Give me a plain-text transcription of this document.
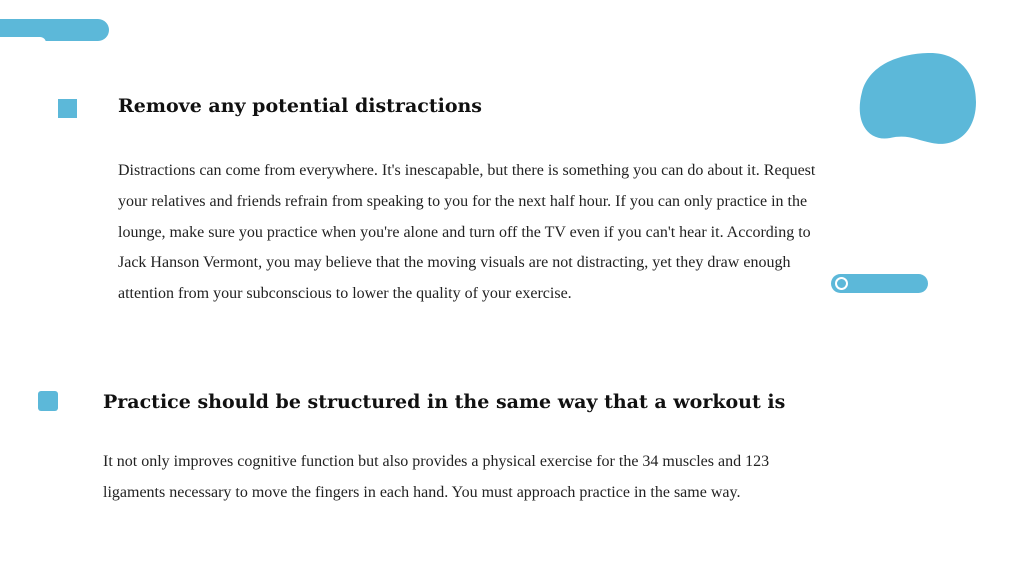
Remove any potential distractions

Distractions can come from everywhere. It's inescapable, but there is something you can do about it. Request your relatives and friends refrain from speaking to you for the next half hour. If you can only practice in the lounge, make sure you practice when you're alone and turn off the TV even if you can't hear it. According to Jack Hanson Vermont, you may believe that the moving visuals are not distracting, yet they draw enough attention from your subconscious to lower the quality of your exercise.

Practice should be structured in the same way that a workout is

It not only improves cognitive function but also provides a physical exercise for the 34 muscles and 123 ligaments necessary to move the fingers in each hand. You must approach practice in the same way.
